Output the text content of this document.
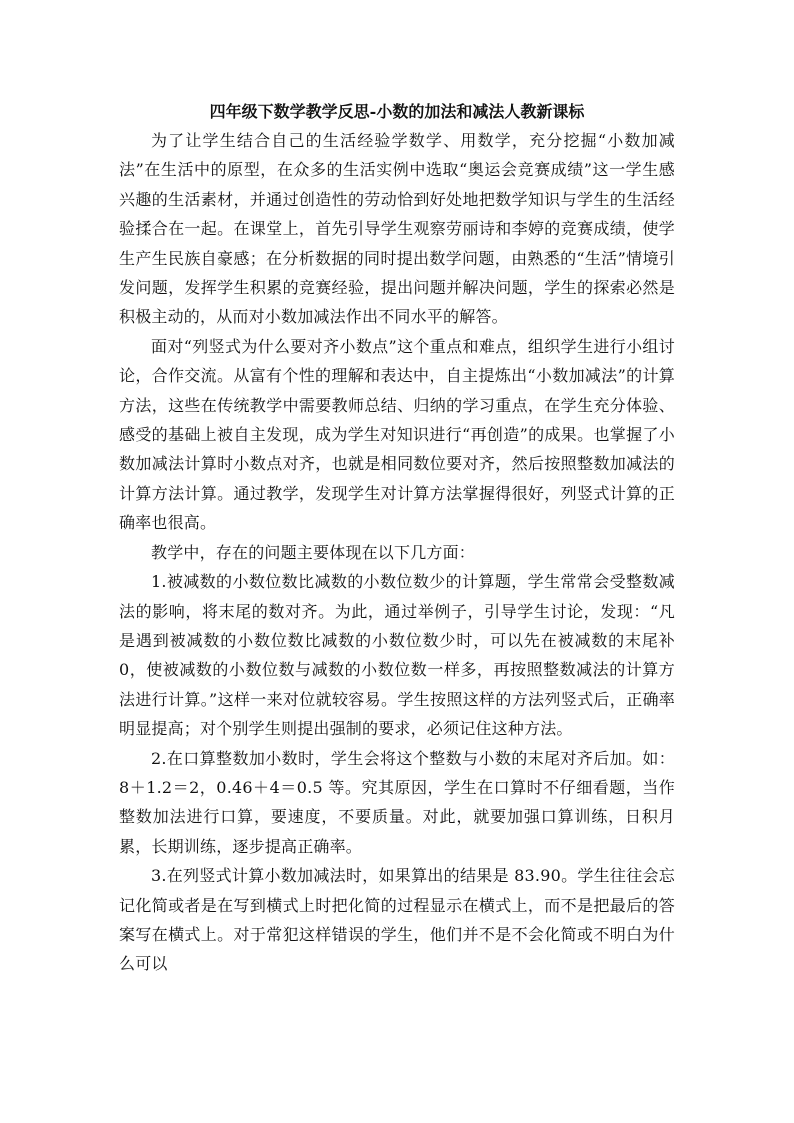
四年级下数学教学反思-小数的加法和减法人教新课标

为了让学生结合自己的生活经验学数学、用数学，充分挖掘“小数加减法”在生活中的原型，在众多的生活实例中选取“奥运会竞赛成绩”这一学生感兴趣的生活素材，并通过创造性的劳动恰到好处地把数学知识与学生的生活经验揉合在一起。在课堂上，首先引导学生观察劳丽诗和李婷的竞赛成绩，使学生产生民族自豪感；在分析数据的同时提出数学问题，由熟悉的“生活”情境引发问题，发挥学生积累的竞赛经验，提出问题并解决问题，学生的探索必然是积极主动的，从而对小数加减法作出不同水平的解答。

面对“列竖式为什么要对齐小数点”这个重点和难点，组织学生进行小组讨论，合作交流。从富有个性的理解和表达中，自主提炼出“小数加减法”的计算方法，这些在传统教学中需要教师总结、归纳的学习重点，在学生充分体验、感受的基础上被自主发现，成为学生对知识进行“再创造”的成果。也掌握了小数加减法计算时小数点对齐，也就是相同数位要对齐，然后按照整数加减法的计算方法计算。通过教学，发现学生对计算方法掌握得很好，列竖式计算的正确率也很高。

教学中，存在的问题主要体现在以下几方面：

1.被减数的小数位数比减数的小数位数少的计算题，学生常常会受整数减法的影响，将末尾的数对齐。为此，通过举例子，引导学生讨论，发现：“凡是遇到被减数的小数位数比减数的小数位数少时，可以先在被减数的末尾补 0，使被减数的小数位数与减数的小数位数一样多，再按照整数减法的计算方法进行计算。”这样一来对位就较容易。学生按照这样的方法列竖式后，正确率明显提高；对个别学生则提出强制的要求，必须记住这种方法。

2.在口算整数加小数时，学生会将这个整数与小数的末尾对齐后加。如：8＋1.2＝2，0.46＋4＝0.5 等。究其原因，学生在口算时不仔细看题，当作整数加法进行口算，要速度，不要质量。对此，就要加强口算训练，日积月累，长期训练，逐步提高正确率。

3.在列竖式计算小数加减法时，如果算出的结果是 83.90。学生往往会忘记化简或者是在写到横式上时把化简的过程显示在横式上，而不是把最后的答案写在横式上。对于常犯这样错误的学生，他们并不是不会化简或不明白为什么可以
